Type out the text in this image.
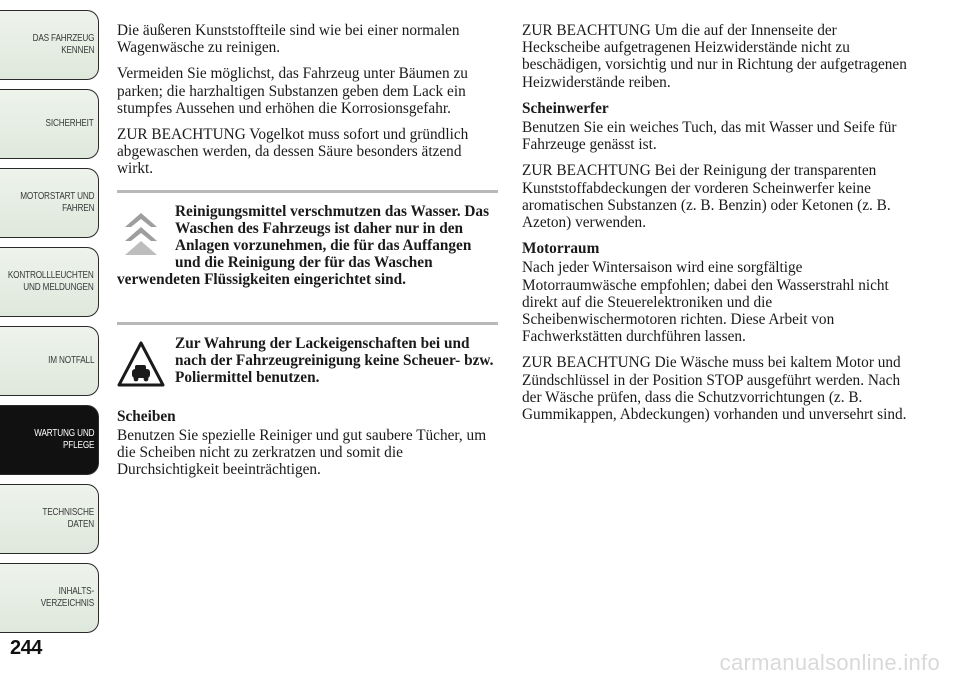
DAS FAHRZEUG
KENNEN
SICHERHEIT
MOTORSTART UND
FAHREN
KONTROLLLEUCHTEN
UND MELDUNGEN
IM NOTFALL
WARTUNG UND
PFLEGE
TECHNISCHE
DATEN
INHALTS-
VERZEICHNIS
244

Die äußeren Kunststoffteile sind wie bei einer normalen Wagenwäsche zu reinigen.

Vermeiden Sie möglichst, das Fahrzeug unter Bäumen zu parken; die harzhaltigen Substanzen geben dem Lack ein stumpfes Aussehen und erhöhen die Korrosionsgefahr.

ZUR BEACHTUNG Vogelkot muss sofort und gründlich abgewaschen werden, da dessen Säure besonders ätzend wirkt.

Reinigungsmittel verschmutzen das Wasser. Das Waschen des Fahrzeugs ist daher nur in den Anlagen vorzunehmen, die für das Auffangen und die Reinigung der für das Waschen verwendeten Flüssigkeiten eingerichtet sind.

Zur Wahrung der Lackeigenschaften bei und nach der Fahrzeugreinigung keine Scheuer- bzw. Poliermittel benutzen.

Scheiben

Benutzen Sie spezielle Reiniger und gut saubere Tücher, um die Scheiben nicht zu zerkratzen und somit die Durchsichtigkeit beeinträchtigen.

ZUR BEACHTUNG Um die auf der Innenseite der Heckscheibe aufgetragenen Heizwiderstände nicht zu beschädigen, vorsichtig und nur in Richtung der aufgetragenen Heizwiderstände reiben.

Scheinwerfer

Benutzen Sie ein weiches Tuch, das mit Wasser und Seife für Fahrzeuge genässt ist.

ZUR BEACHTUNG Bei der Reinigung der transparenten Kunststoffabdeckungen der vorderen Scheinwerfer keine aromatischen Substanzen (z. B. Benzin) oder Ketonen (z. B. Azeton) verwenden.

Motorraum

Nach jeder Wintersaison wird eine sorgfältige Motorraumwäsche empfohlen; dabei den Wasserstrahl nicht direkt auf die Steuerelektroniken und die Scheibenwischermotoren richten. Diese Arbeit von Fachwerkstätten durchführen lassen.

ZUR BEACHTUNG Die Wäsche muss bei kaltem Motor und Zündschlüssel in der Position STOP ausgeführt werden. Nach der Wäsche prüfen, dass die Schutzvorrichtungen (z. B. Gummikappen, Abdeckungen) vorhanden und unversehrt sind.

carmanualsonline.info
